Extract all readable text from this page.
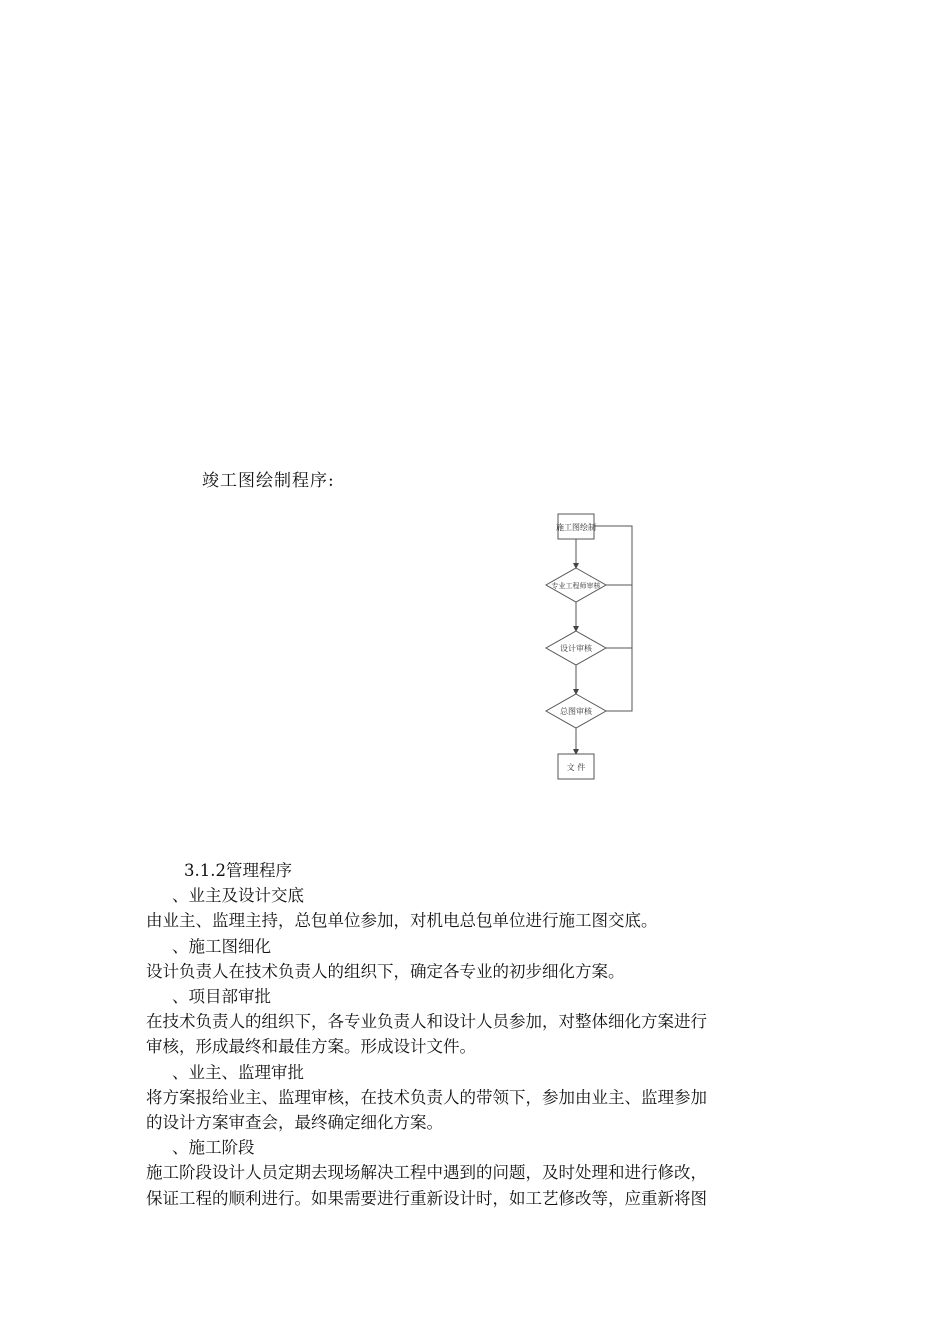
竣工图绘制程序:
施工图绘制
专业工程师审核
设计审核
总图审核
文 件
3.1.2管理程序
、业主及设计交底
由业主、监理主持，总包单位参加，对机电总包单位进行施工图交底。
、施工图细化
设计负责人在技术负责人的组织下，确定各专业的初步细化方案。
、项目部审批
在技术负责人的组织下，各专业负责人和设计人员参加，对整体细化方案进行
审核，形成最终和最佳方案。形成设计文件。
、业主、监理审批
将方案报给业主、监理审核，在技术负责人的带领下，参加由业主、监理参加
的设计方案审查会，最终确定细化方案。
、施工阶段
施工阶段设计人员定期去现场解决工程中遇到的问题，及时处理和进行修改，
保证工程的顺利进行。如果需要进行重新设计时，如工艺修改等，应重新将图
